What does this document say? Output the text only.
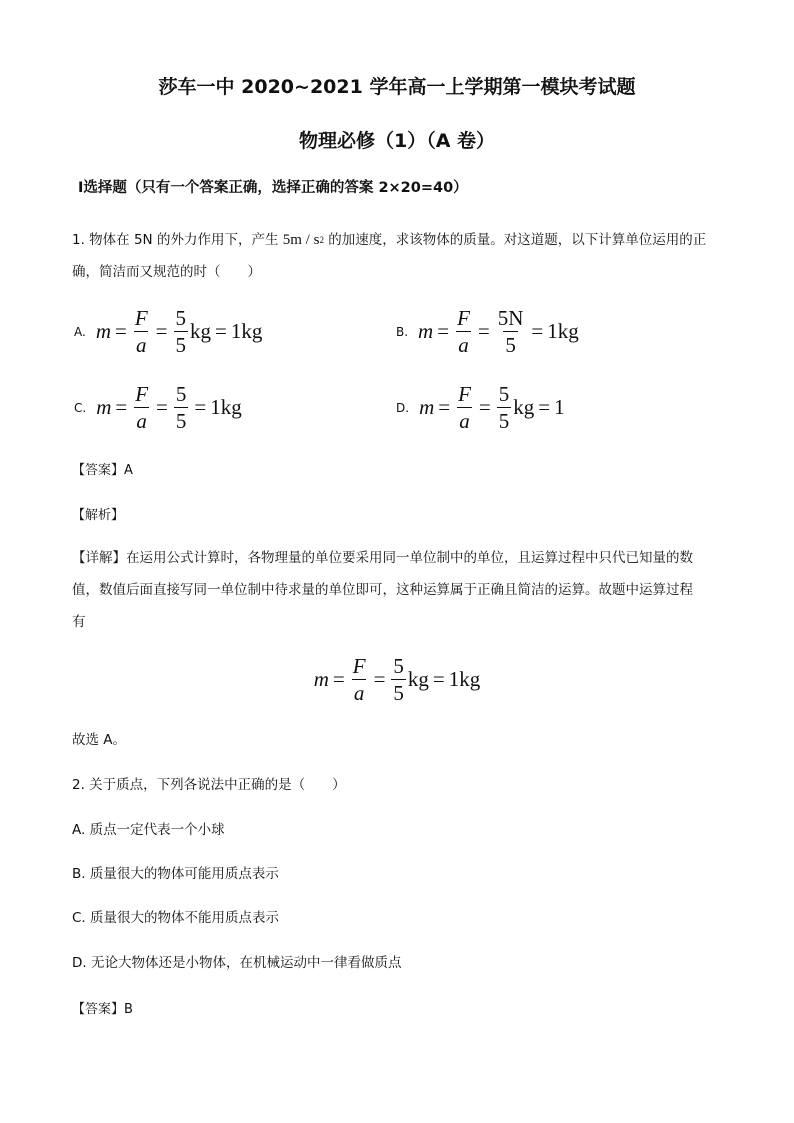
莎车一中 2020~2021 学年高一上学期第一模块考试题
物理必修（1）（A 卷）
Ⅰ选择题（只有一个答案正确，选择正确的答案 2×20=40）
1. 物体在 5N 的外力作用下，产生 5m / s 2 的加速度，求该物体的质量。对这道题，以下计算单位运用的正
确，简洁而又规范的时（　　）
A. $m = \frac{F}{a} = \frac{5}{5}$ kg = 1kg	B. $m = \frac{F}{a} = \frac{5N}{5} = 1kg$
C. $m = \frac{F}{a} = \frac{5}{5} = 1kg$	D. $m = \frac{F}{a} = \frac{5}{5}$ kg = 1
【答案】A
【解析】
【详解】在运用公式计算时，各物理量的单位要采用同一单位制中的单位，且运算过程中只代已知量的数
值，数值后面直接写同一单位制中待求量的单位即可，这种运算属于正确且简洁的运算。故题中运算过程
有
$m = \frac{F}{a} = \frac{5}{5}$ kg = 1kg
故选 A。
2. 关于质点，下列各说法中正确的是（　　）
A. 质点一定代表一个小球
B. 质量很大的物体可能用质点表示
C. 质量很大的物体不能用质点表示
D. 无论大物体还是小物体，在机械运动中一律看做质点
【答案】B
